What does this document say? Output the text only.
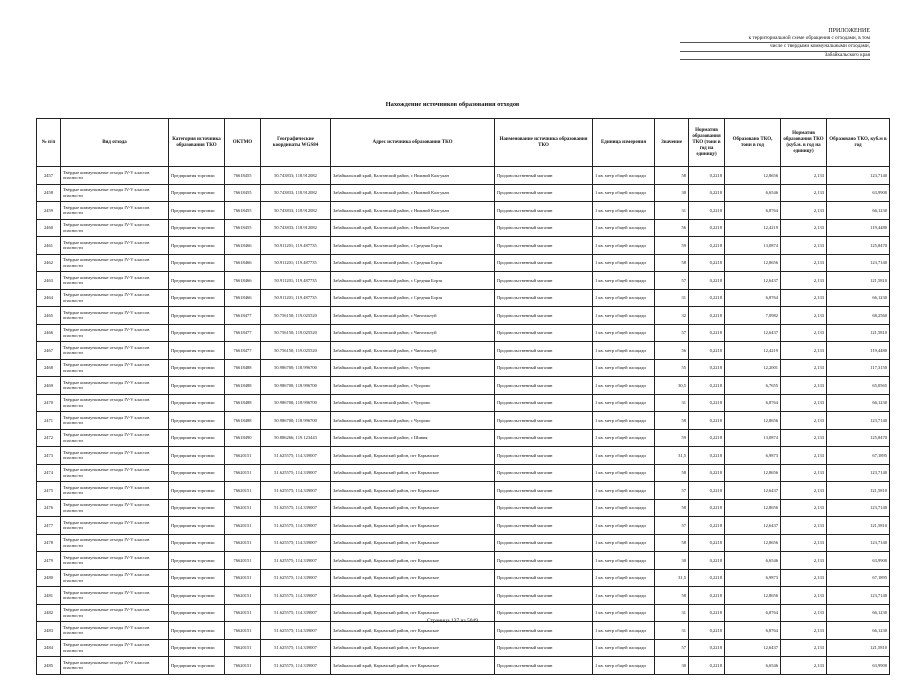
ПРИЛОЖЕНИЕ
к территориальной схеме обращения с отходами, в том
числе с твердыми коммунальными отходами,
Забайкальского края
Нахождение источников образования отходов
№ п/п	Вид отхода	Категория источника образования ТКО	ОКТМО	Географические координаты WGS84	Адрес источника образования ТКО	Наименование источника образования ТКО	Единица измерения	Значение	Норматив образования ТКО (тонн в год на единицу)	Образовано ТКО, тонн в год	Норматив образования ТКО (куб.м. в год на единицу)	Образовано ТКО, куб.м в год
2457	Твёрдые коммунальные отходы IV-V классов опасности	Предприятия торговли	76618455	50.743833; 118.912082	Забайкальский край, Калганский район, с Нижний Калгукан	Продовольственный магазин	1 кв. метр общей площади	58	0,2218	12,8656	2,133	123,7140
2458	Твёрдые коммунальные отходы IV-V классов опасности	Предприятия торговли	76618455	50.743833; 118.912082	Забайкальский край, Калганский район, с Нижний Калгукан	Продовольственный магазин	1 кв. метр общей площади	30	0,2218	6,6546	2,133	63,9900
2459	Твёрдые коммунальные отходы IV-V классов опасности	Предприятия торговли	76618455	50.743833; 118.912082	Забайкальский край, Калганский район, с Нижний Калгукан	Продовольственный магазин	1 кв. метр общей площади	31	0,2218	6,8764	2,133	66,1230
2460	Твёрдые коммунальные отходы IV-V классов опасности	Предприятия торговли	76618455	50.743833; 118.912082	Забайкальский край, Калганский район, с Нижний Калгукан	Продовольственный магазин	1 кв. метр общей площади	56	0,2218	12,4219	2,133	119,4480
2461	Твёрдые коммунальные отходы IV-V классов опасности	Предприятия торговли	76618466	50.911201; 119.487735	Забайкальский край, Калганский район, с Средняя Борзя	Продовольственный магазин	1 кв. метр общей площади	59	0,2218	13,0874	2,133	125,8470
2462	Твёрдые коммунальные отходы IV-V классов опасности	Предприятия торговли	76618466	50.911201; 119.487735	Забайкальский край, Калганский район, с Средняя Борзя	Продовольственный магазин	1 кв. метр общей площади	58	0,2218	12,8656	2,133	123,7140
2463	Твёрдые коммунальные отходы IV-V классов опасности	Предприятия торговли	76618466	50.911201; 119.487735	Забайкальский край, Калганский район, с Средняя Борзя	Продовольственный магазин	1 кв. метр общей площади	57	0,2218	12,6437	2,133	121,5810
2464	Твёрдые коммунальные отходы IV-V классов опасности	Предприятия торговли	76618466	50.911201; 119.487735	Забайкальский край, Калганский район, с Средняя Борзя	Продовольственный магазин	1 кв. метр общей площади	31	0,2218	6,8764	2,133	66,1230
2465	Твёрдые коммунальные отходы IV-V классов опасности	Предприятия торговли	76618477	50.756150; 119.025520	Забайкальский край, Калганский район, с Чингильтуй	Продовольственный магазин	1 кв. метр общей площади	32	0,2218	7,0982	2,133	68,2560
2466	Твёрдые коммунальные отходы IV-V классов опасности	Предприятия торговли	76618477	50.756150; 119.025520	Забайкальский край, Калганский район, с Чингильтуй	Продовольственный магазин	1 кв. метр общей площади	57	0,2218	12,6437	2,133	121,5810
2467	Твёрдые коммунальные отходы IV-V классов опасности	Предприятия торговли	76618477	50.756150; 119.025520	Забайкальский край, Калганский район, с Чингильтуй	Продовольственный магазин	1 кв. метр общей площади	56	0,2218	12,4219	2,133	119,4480
2468	Твёрдые коммунальные отходы IV-V классов опасности	Предприятия торговли	76618488	50.986700; 118.996700	Забайкальский край, Калганский район, с Чупрово	Продовольственный магазин	1 кв. метр общей площади	55	0,2218	12,2001	2,133	117,3150
2469	Твёрдые коммунальные отходы IV-V классов опасности	Предприятия торговли	76618488	50.986700; 118.996700	Забайкальский край, Калганский район, с Чупрово	Продовольственный магазин	1 кв. метр общей площади	30,5	0,2218	6,7655	2,133	65,0565
2470	Твёрдые коммунальные отходы IV-V классов опасности	Предприятия торговли	76618488	50.986700; 118.996700	Забайкальский край, Калганский район, с Чупрово	Продовольственный магазин	1 кв. метр общей площади	31	0,2218	6,8764	2,133	66,1230
2471	Твёрдые коммунальные отходы IV-V классов опасности	Предприятия торговли	76618488	50.986700; 118.996700	Забайкальский край, Калганский район, с Чупрово	Продовольственный магазин	1 кв. метр общей площади	58	0,2218	12,8656	2,133	123,7140
2472	Твёрдые коммунальные отходы IV-V классов опасности	Предприятия торговли	76618490	50.886266; 119.123443	Забайкальский край, Калганский район, с Шивия	Продовольственный магазин	1 кв. метр общей площади	59	0,2218	13,0874	2,133	125,8470
2473	Твёрдые коммунальные отходы IV-V классов опасности	Предприятия торговли	76620151	51.625575; 114.339007	Забайкальский край, Карымский район, пгт Карымское	Продовольственный магазин	1 кв. метр общей площади	31,5	0,2218	6,9873	2,133	67,1895
2474	Твёрдые коммунальные отходы IV-V классов опасности	Предприятия торговли	76620151	51.625575; 114.339007	Забайкальский край, Карымский район, пгт Карымское	Продовольственный магазин	1 кв. метр общей площади	58	0,2218	12,8656	2,133	123,7140
2475	Твёрдые коммунальные отходы IV-V классов опасности	Предприятия торговли	76620151	51.625575; 114.339007	Забайкальский край, Карымский район, пгт Карымское	Продовольственный магазин	1 кв. метр общей площади	57	0,2218	12,6437	2,133	121,5810
2476	Твёрдые коммунальные отходы IV-V классов опасности	Предприятия торговли	76620151	51.625575; 114.339007	Забайкальский край, Карымский район, пгт Карымское	Продовольственный магазин	1 кв. метр общей площади	58	0,2218	12,8656	2,133	123,7140
2477	Твёрдые коммунальные отходы IV-V классов опасности	Предприятия торговли	76620151	51.625575; 114.339007	Забайкальский край, Карымский район, пгт Карымское	Продовольственный магазин	1 кв. метр общей площади	57	0,2218	12,6437	2,133	121,5810
2478	Твёрдые коммунальные отходы IV-V классов опасности	Предприятия торговли	76620151	51.625575; 114.339007	Забайкальский край, Карымский район, пгт Карымское	Продовольственный магазин	1 кв. метр общей площади	58	0,2218	12,8656	2,133	123,7140
2479	Твёрдые коммунальные отходы IV-V классов опасности	Предприятия торговли	76620151	51.625575; 114.339007	Забайкальский край, Карымский район, пгт Карымское	Продовольственный магазин	1 кв. метр общей площади	30	0,2218	6,6546	2,133	63,9900
2480	Твёрдые коммунальные отходы IV-V классов опасности	Предприятия торговли	76620151	51.625575; 114.339007	Забайкальский край, Карымский район, пгт Карымское	Продовольственный магазин	1 кв. метр общей площади	31,5	0,2218	6,9873	2,133	67,1895
2481	Твёрдые коммунальные отходы IV-V классов опасности	Предприятия торговли	76620151	51.625575; 114.339007	Забайкальский край, Карымский район, пгт Карымское	Продовольственный магазин	1 кв. метр общей площади	58	0,2218	12,8656	2,133	123,7140
2482	Твёрдые коммунальные отходы IV-V классов опасности	Предприятия торговли	76620151	51.625575; 114.339007	Забайкальский край, Карымский район, пгт Карымское	Продовольственный магазин	1 кв. метр общей площади	31	0,2218	6,8764	2,133	66,1230
2483	Твёрдые коммунальные отходы IV-V классов опасности	Предприятия торговли	76620151	51.625575; 114.339007	Забайкальский край, Карымский район, пгт Карымское	Продовольственный магазин	1 кв. метр общей площади	31	0,2218	6,8764	2,133	66,1230
2484	Твёрдые коммунальные отходы IV-V классов опасности	Предприятия торговли	76620151	51.625575; 114.339007	Забайкальский край, Карымский район, пгт Карымское	Продовольственный магазин	1 кв. метр общей площади	57	0,2218	12,6437	2,133	121,5810
2485	Твёрдые коммунальные отходы IV-V классов опасности	Предприятия торговли	76620151	51.625575; 114.339007	Забайкальский край, Карымский район, пгт Карымское	Продовольственный магазин	1 кв. метр общей площади	30	0,2218	6,6546	2,133	63,9900
Страница 137 из 5049
